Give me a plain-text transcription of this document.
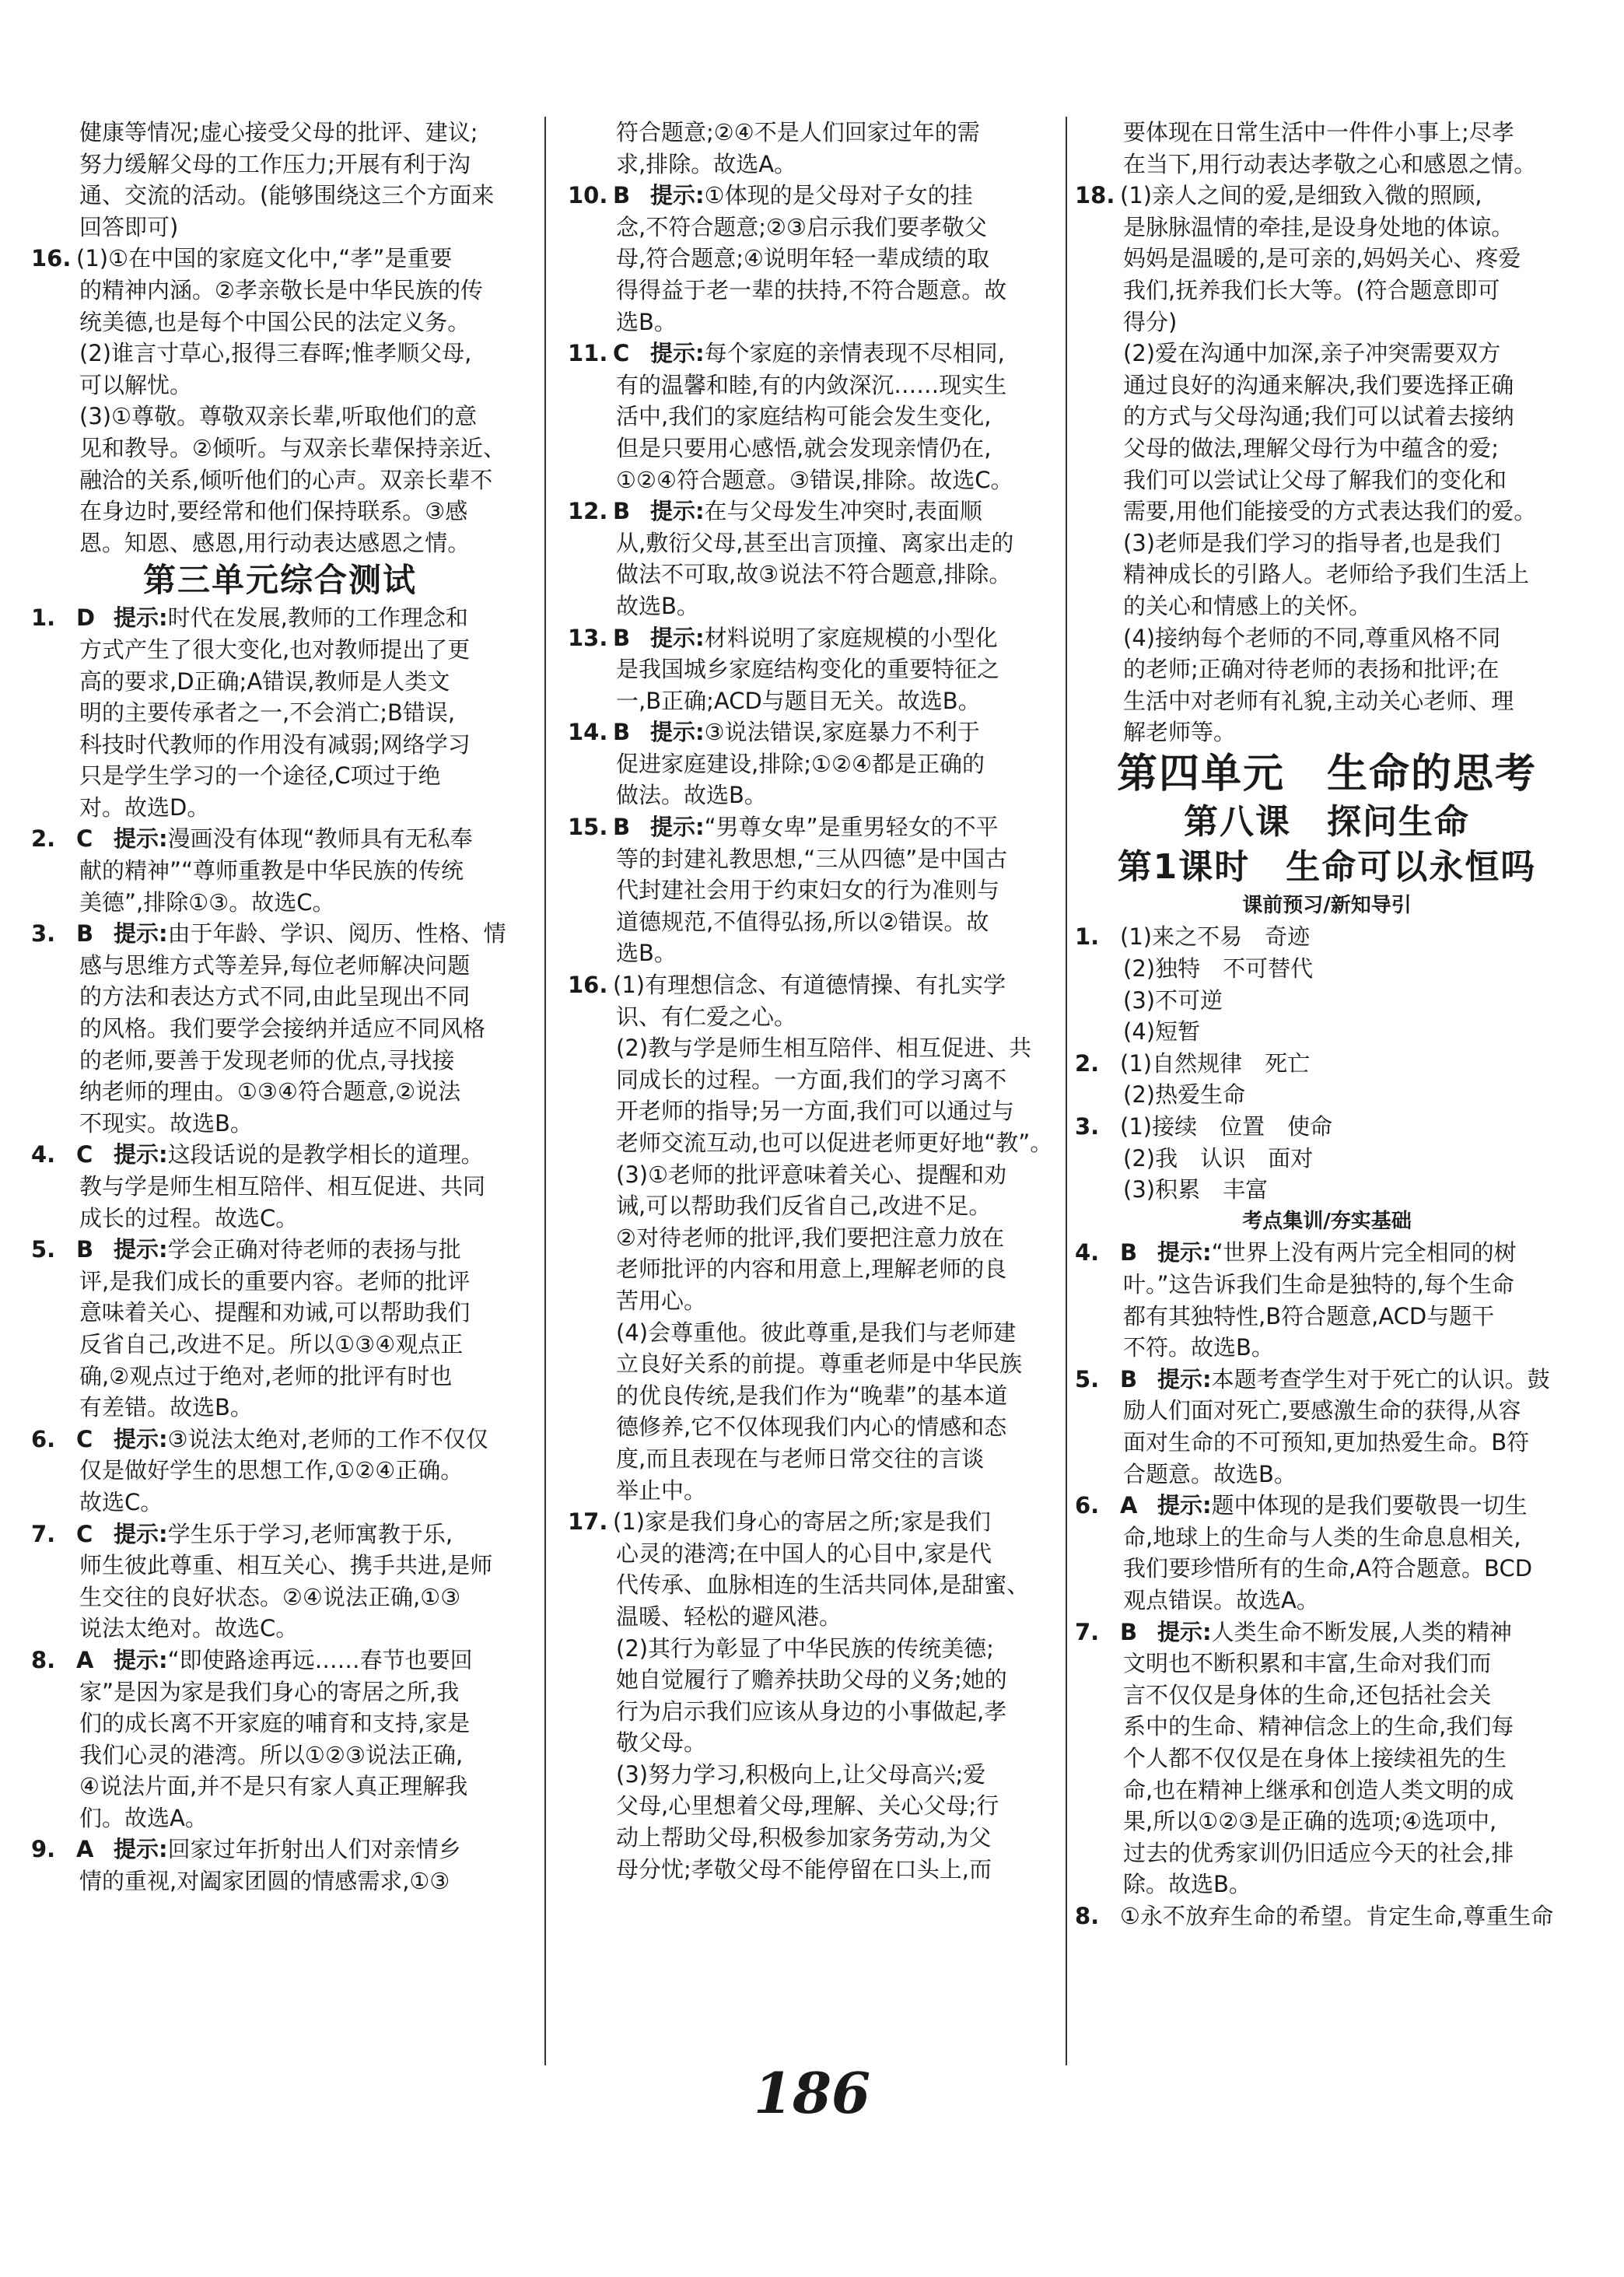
健康等情况;虚心接受父母的批评、建议;
努力缓解父母的工作压力;开展有利于沟
通、交流的活动。(能够围绕这三个方面来
回答即可)
16. (1)①在中国的家庭文化中,“孝”是重要
的精神内涵。②孝亲敬长是中华民族的传
统美德,也是每个中国公民的法定义务。
(2)谁言寸草心,报得三春晖;惟孝顺父母,
可以解忧。
(3)①尊敬。尊敬双亲长辈,听取他们的意
见和教导。②倾听。与双亲长辈保持亲近、
融洽的关系,倾听他们的心声。双亲长辈不
在身边时,要经常和他们保持联系。③感
恩。知恩、感恩,用行动表达感恩之情。
第三单元综合测试
1. D 提示:时代在发展,教师的工作理念和
方式产生了很大变化,也对教师提出了更
高的要求,D正确;A错误,教师是人类文
明的主要传承者之一,不会消亡;B错误,
科技时代教师的作用没有减弱;网络学习
只是学生学习的一个途径,C项过于绝
对。故选D。
2. C 提示:漫画没有体现“教师具有无私奉
献的精神”“尊师重教是中华民族的传统
美德”,排除①③。故选C。
3. B 提示:由于年龄、学识、阅历、性格、情
感与思维方式等差异,每位老师解决问题
的方法和表达方式不同,由此呈现出不同
的风格。我们要学会接纳并适应不同风格
的老师,要善于发现老师的优点,寻找接
纳老师的理由。①③④符合题意,②说法
不现实。故选B。
4. C 提示:这段话说的是教学相长的道理。
教与学是师生相互陪伴、相互促进、共同
成长的过程。故选C。
5. B 提示:学会正确对待老师的表扬与批
评,是我们成长的重要内容。老师的批评
意味着关心、提醒和劝诫,可以帮助我们
反省自己,改进不足。所以①③④观点正
确,②观点过于绝对,老师的批评有时也
有差错。故选B。
6. C 提示:③说法太绝对,老师的工作不仅仅
仅是做好学生的思想工作,①②④正确。
故选C。
7. C 提示:学生乐于学习,老师寓教于乐,
师生彼此尊重、相互关心、携手共进,是师
生交往的良好状态。②④说法正确,①③
说法太绝对。故选C。
8. A 提示:“即使路途再远……春节也要回
家”是因为家是我们身心的寄居之所,我
们的成长离不开家庭的哺育和支持,家是
我们心灵的港湾。所以①②③说法正确,
④说法片面,并不是只有家人真正理解我
们。故选A。
9. A 提示:回家过年折射出人们对亲情乡
情的重视,对阖家团圆的情感需求,①③
符合题意;②④不是人们回家过年的需
求,排除。故选A。
10. B 提示:①体现的是父母对子女的挂
念,不符合题意;②③启示我们要孝敬父
母,符合题意;④说明年轻一辈成绩的取
得得益于老一辈的扶持,不符合题意。故
选B。
11. C 提示:每个家庭的亲情表现不尽相同,
有的温馨和睦,有的内敛深沉……现实生
活中,我们的家庭结构可能会发生变化,
但是只要用心感悟,就会发现亲情仍在,
①②④符合题意。③错误,排除。故选C。
12. B 提示:在与父母发生冲突时,表面顺
从,敷衍父母,甚至出言顶撞、离家出走的
做法不可取,故③说法不符合题意,排除。
故选B。
13. B 提示:材料说明了家庭规模的小型化
是我国城乡家庭结构变化的重要特征之
一,B正确;ACD与题目无关。故选B。
14. B 提示:③说法错误,家庭暴力不利于
促进家庭建设,排除;①②④都是正确的
做法。故选B。
15. B 提示:“男尊女卑”是重男轻女的不平
等的封建礼教思想,“三从四德”是中国古
代封建社会用于约束妇女的行为准则与
道德规范,不值得弘扬,所以②错误。故
选B。
16. (1)有理想信念、有道德情操、有扎实学
识、有仁爱之心。
(2)教与学是师生相互陪伴、相互促进、共
同成长的过程。一方面,我们的学习离不
开老师的指导;另一方面,我们可以通过与
老师交流互动,也可以促进老师更好地“教”。
(3)①老师的批评意味着关心、提醒和劝
诫,可以帮助我们反省自己,改进不足。
②对待老师的批评,我们要把注意力放在
老师批评的内容和用意上,理解老师的良
苦用心。
(4)会尊重他。彼此尊重,是我们与老师建
立良好关系的前提。尊重老师是中华民族
的优良传统,是我们作为“晚辈”的基本道
德修养,它不仅体现我们内心的情感和态
度,而且表现在与老师日常交往的言谈
举止中。
17. (1)家是我们身心的寄居之所;家是我们
心灵的港湾;在中国人的心目中,家是代
代传承、血脉相连的生活共同体,是甜蜜、
温暖、轻松的避风港。
(2)其行为彰显了中华民族的传统美德;
她自觉履行了赡养扶助父母的义务;她的
行为启示我们应该从身边的小事做起,孝
敬父母。
(3)努力学习,积极向上,让父母高兴;爱
父母,心里想着父母,理解、关心父母;行
动上帮助父母,积极参加家务劳动,为父
母分忧;孝敬父母不能停留在口头上,而
要体现在日常生活中一件件小事上;尽孝
在当下,用行动表达孝敬之心和感恩之情。
18. (1)亲人之间的爱,是细致入微的照顾,
是脉脉温情的牵挂,是设身处地的体谅。
妈妈是温暖的,是可亲的,妈妈关心、疼爱
我们,抚养我们长大等。(符合题意即可
得分)
(2)爱在沟通中加深,亲子冲突需要双方
通过良好的沟通来解决,我们要选择正确
的方式与父母沟通;我们可以试着去接纳
父母的做法,理解父母行为中蕴含的爱;
我们可以尝试让父母了解我们的变化和
需要,用他们能接受的方式表达我们的爱。
(3)老师是我们学习的指导者,也是我们
精神成长的引路人。老师给予我们生活上
的关心和情感上的关怀。
(4)接纳每个老师的不同,尊重风格不同
的老师;正确对待老师的表扬和批评;在
生活中对老师有礼貌,主动关心老师、理
解老师等。
第四单元　生命的思考
第八课　探问生命
第1课时　生命可以永恒吗
课前预习/新知导引
1. (1)来之不易　奇迹
(2)独特　不可替代
(3)不可逆
(4)短暂
2. (1)自然规律　死亡
(2)热爱生命
3. (1)接续　位置　使命
(2)我　认识　面对
(3)积累　丰富
考点集训/夯实基础
4. B 提示:“世界上没有两片完全相同的树
叶。”这告诉我们生命是独特的,每个生命
都有其独特性,B符合题意,ACD与题干
不符。故选B。
5. B 提示:本题考查学生对于死亡的认识。鼓
励人们面对死亡,要感激生命的获得,从容
面对生命的不可预知,更加热爱生命。B符
合题意。故选B。
6. A 提示:题中体现的是我们要敬畏一切生
命,地球上的生命与人类的生命息息相关,
我们要珍惜所有的生命,A符合题意。BCD
观点错误。故选A。
7. B 提示:人类生命不断发展,人类的精神
文明也不断积累和丰富,生命对我们而
言不仅仅是身体的生命,还包括社会关
系中的生命、精神信念上的生命,我们每
个人都不仅仅是在身体上接续祖先的生
命,也在精神上继承和创造人类文明的成
果,所以①②③是正确的选项;④选项中,
过去的优秀家训仍旧适应今天的社会,排
除。故选B。
8. ①永不放弃生命的希望。肯定生命,尊重生命
186
